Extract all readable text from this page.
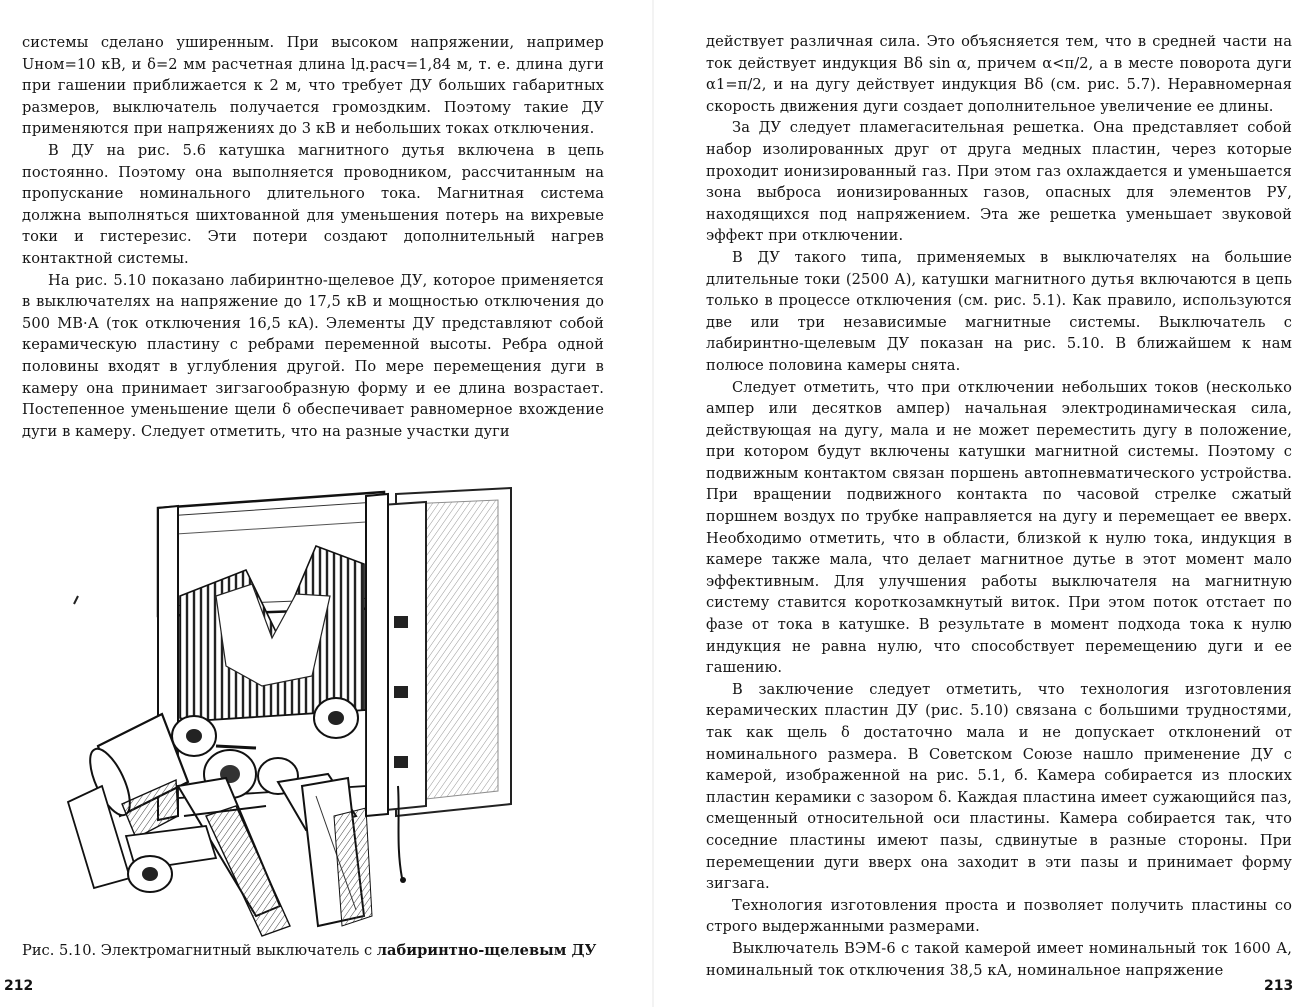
системы сделано уширенным. При высоком напряжении, например Uном=10 кВ, и δ=2 мм расчетная длина lд.расч=1,84 м, т. е. длина дуги при гашении приближается к 2 м, что требует ДУ больших габаритных размеров, выключатель получается громоздким. Поэтому такие ДУ применяются при напряжениях до 3 кВ и небольших токах отключения.

В ДУ на рис. 5.6 катушка магнитного дутья включена в цепь постоянно. Поэтому она выполняется проводником, рассчитанным на пропускание номинального длительного тока. Магнитная система должна выполняться шихтованной для уменьшения потерь на вихревые токи и гистерезис. Эти потери создают дополнительный нагрев контактной системы.

На рис. 5.10 показано лабиринтно-щелевое ДУ, которое применяется в выключателях на напряжение до 17,5 кВ и мощностью отключения до 500 МВ·А (ток отключения 16,5 кА). Элементы ДУ представляют собой керамическую пластину с ребрами переменной высоты. Ребра одной половины входят в углубления другой. По мере перемещения дуги в камеру она принимает зигзагообразную форму и ее длина возрастает. Постепенное уменьшение щели δ обеспечивает равномерное вхождение дуги в камеру. Следует отметить, что на разные участки дуги

Рис. 5.10. Электромагнитный выключатель с лабиринтно-щелевым ДУ
212

действует различная сила. Это объясняется тем, что в средней части на ток действует индукция Bδ sin α, причем α<π/2, а в месте поворота дуги α1=π/2, и на дугу действует индукция Bδ (см. рис. 5.7). Неравномерная скорость движения дуги создает дополнительное увеличение ее длины.

За ДУ следует пламегасительная решетка. Она представляет собой набор изолированных друг от друга медных пластин, через которые проходит ионизированный газ. При этом газ охлаждается и уменьшается зона выброса ионизированных газов, опасных для элементов РУ, находящихся под напряжением. Эта же решетка уменьшает звуковой эффект при отключении.

В ДУ такого типа, применяемых в выключателях на большие длительные токи (2500 А), катушки магнитного дутья включаются в цепь только в процессе отключения (см. рис. 5.1). Как правило, используются две или три независимые магнитные системы. Выключатель с лабиринтно-щелевым ДУ показан на рис. 5.10. В ближайшем к нам полюсе половина камеры снята.

Следует отметить, что при отключении небольших токов (несколько ампер или десятков ампер) начальная электродинамическая сила, действующая на дугу, мала и не может переместить дугу в положение, при котором будут включены катушки магнитной системы. Поэтому с подвижным контактом связан поршень автопневматического устройства. При вращении подвижного контакта по часовой стрелке сжатый поршнем воздух по трубке направляется на дугу и перемещает ее вверх. Необходимо отметить, что в области, близкой к нулю тока, индукция в камере также мала, что делает магнитное дутье в этот момент мало эффективным. Для улучшения работы выключателя на магнитную систему ставится короткозамкнутый виток. При этом поток отстает по фазе от тока в катушке. В результате в момент подхода тока к нулю индукция не равна нулю, что способствует перемещению дуги и ее гашению.

В заключение следует отметить, что технология изготовления керамических пластин ДУ (рис. 5.10) связана с большими трудностями, так как щель δ достаточно мала и не допускает отклонений от номинального размера. В Советском Союзе нашло применение ДУ с камерой, изображенной на рис. 5.1, б. Камера собирается из плоских пластин керамики с зазором δ. Каждая пластина имеет сужающийся паз, смещенный относительной оси пластины. Камера собирается так, что соседние пластины имеют пазы, сдвинутые в разные стороны. При перемещении дуги вверх она заходит в эти пазы и принимает форму зигзага.

Технология изготовления проста и позволяет получить пластины со строго выдержанными размерами.

Выключатель ВЭМ-6 с такой камерой имеет номинальный ток 1600 А, номинальный ток отключения 38,5 кА, номинальное напряжение

213
